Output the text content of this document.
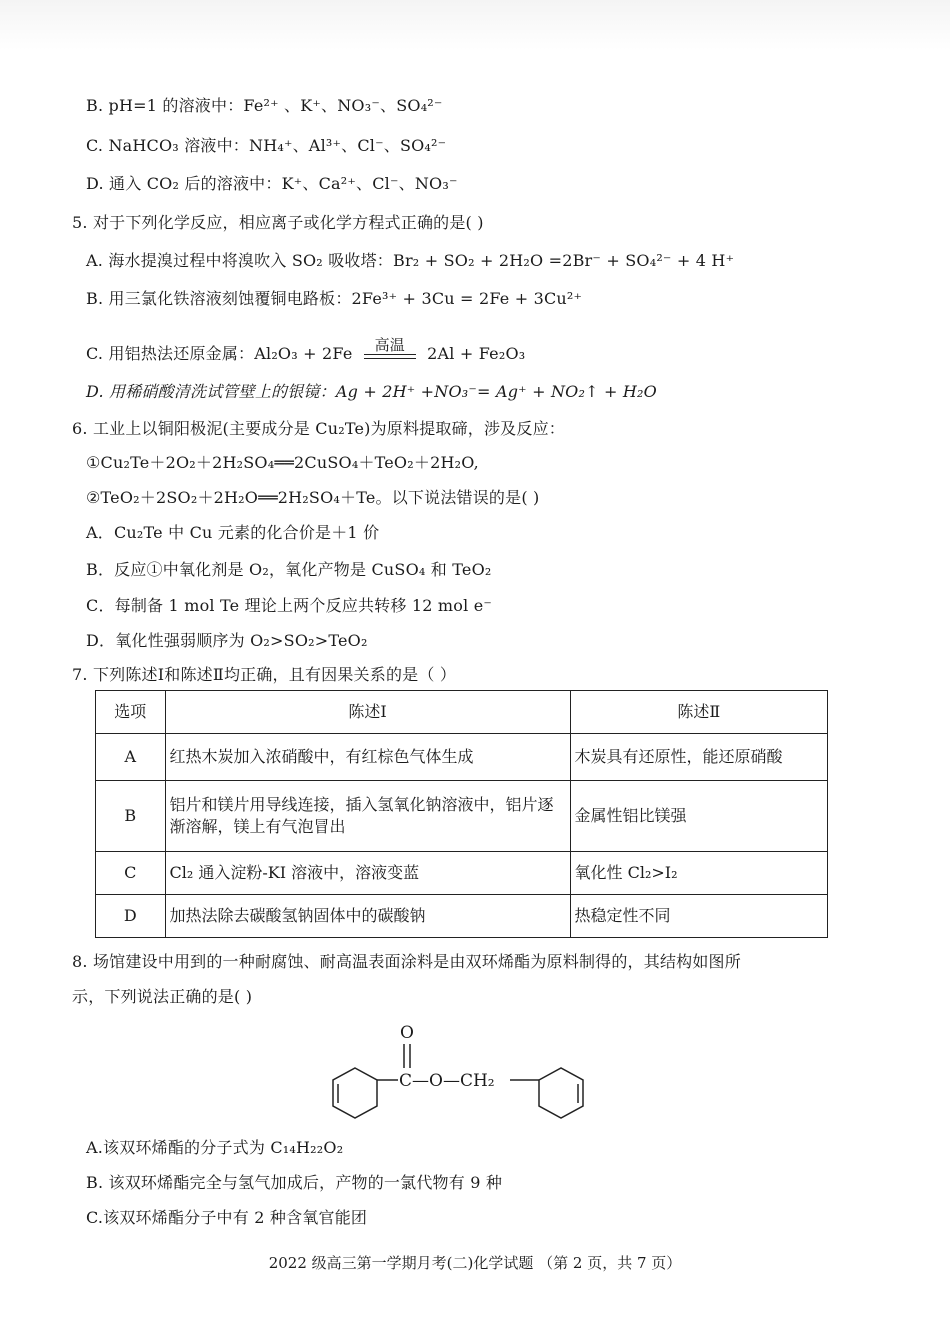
B. pH=1 的溶液中：Fe²⁺ 、K⁺、NO₃⁻、SO₄²⁻
C. NaHCO₃ 溶液中：NH₄⁺、Al³⁺、Cl⁻、SO₄²⁻
D. 通入 CO₂ 后的溶液中：K⁺、Ca²⁺、Cl⁻、NO₃⁻
5. 对于下列化学反应，相应离子或化学方程式正确的是( )
A. 海水提溴过程中将溴吹入 SO₂ 吸收塔：Br₂ + SO₂ + 2H₂O =2Br⁻ + SO₄²⁻ + 4 H⁺
B. 用三氯化铁溶液刻蚀覆铜电路板：2Fe³⁺ + 3Cu = 2Fe + 3Cu²⁺
C. 用铝热法还原金属：Al₂O₃ + 2Fe	高温	2Al + Fe₂O₃
D. 用稀硝酸清洗试管壁上的银镜：Ag + 2H⁺ +NO₃⁻= Ag⁺ + NO₂↑ + H₂O
6. 工业上以铜阳极泥(主要成分是 Cu₂Te)为原料提取碲，涉及反应：
①Cu₂Te＋2O₂＋2H₂SO₄══2CuSO₄＋TeO₂＋2H₂O,
②TeO₂＋2SO₂＋2H₂O══2H₂SO₄＋Te。以下说法错误的是( )
A．Cu₂Te 中 Cu 元素的化合价是＋1 价
B．反应①中氧化剂是 O₂，氧化产物是 CuSO₄ 和 TeO₂
C．每制备 1 mol Te 理论上两个反应共转移 12 mol e⁻
D．氧化性强弱顺序为 O₂>SO₂>TeO₂
7. 下列陈述Ⅰ和陈述Ⅱ均正确，且有因果关系的是（ ）
选项	陈述Ⅰ	陈述Ⅱ
A	红热木炭加入浓硝酸中，有红棕色气体生成	木炭具有还原性，能还原硝酸
B	铝片和镁片用导线连接，插入氢氧化钠溶液中，铝片逐渐溶解，镁上有气泡冒出	金属性铝比镁强
C	Cl₂ 通入淀粉-KI 溶液中，溶液变蓝	氧化性 Cl₂>I₂
D	加热法除去碳酸氢钠固体中的碳酸钠	热稳定性不同
8. 场馆建设中用到的一种耐腐蚀、耐高温表面涂料是由双环烯酯为原料制得的，其结构如图所
示，下列说法正确的是( )
O
C—O—CH₂
A.该双环烯酯的分子式为 C₁₄H₂₂O₂
B. 该双环烯酯完全与氢气加成后，产物的一氯代物有 9 种
C.该双环烯酯分子中有 2 种含氧官能团
2022 级高三第一学期月考(二)化学试题 （第 2 页，共 7 页）
